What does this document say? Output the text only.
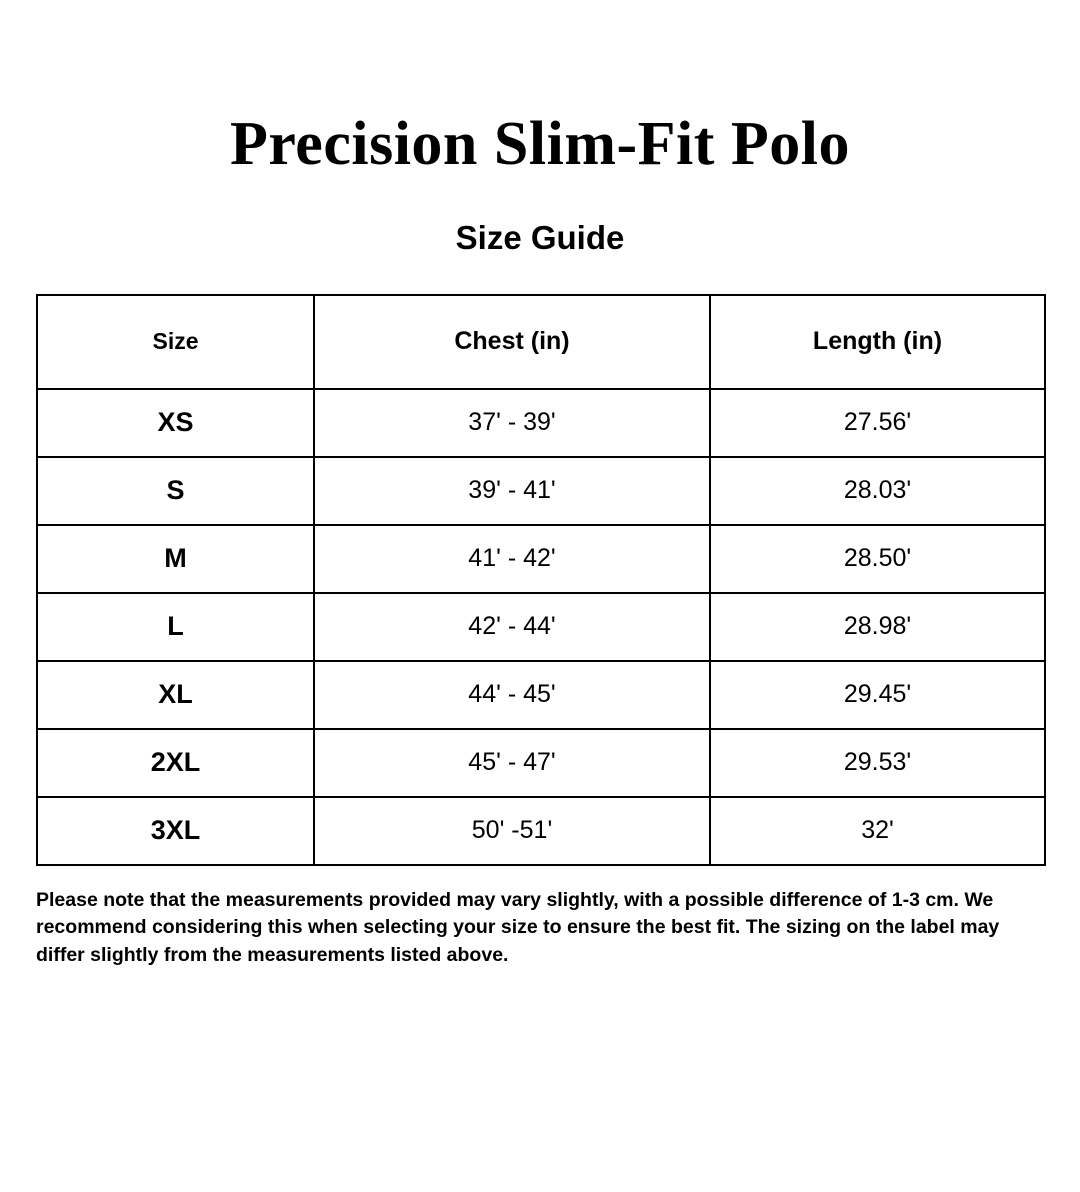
Precision Slim-Fit Polo
Size Guide
Size	Chest (in)	Length (in)
XS	37' - 39'	27.56'
S	39' - 41'	28.03'
M	41' - 42'	28.50'
L	42' - 44'	28.98'
XL	44' - 45'	29.45'
2XL	45' - 47'	29.53'
3XL	50' -51'	32'

Please note that the measurements provided may vary slightly, with a possible difference of 1-3 cm. We recommend considering this when selecting your size to ensure the best fit. The sizing on the label may differ slightly from the measurements listed above.
